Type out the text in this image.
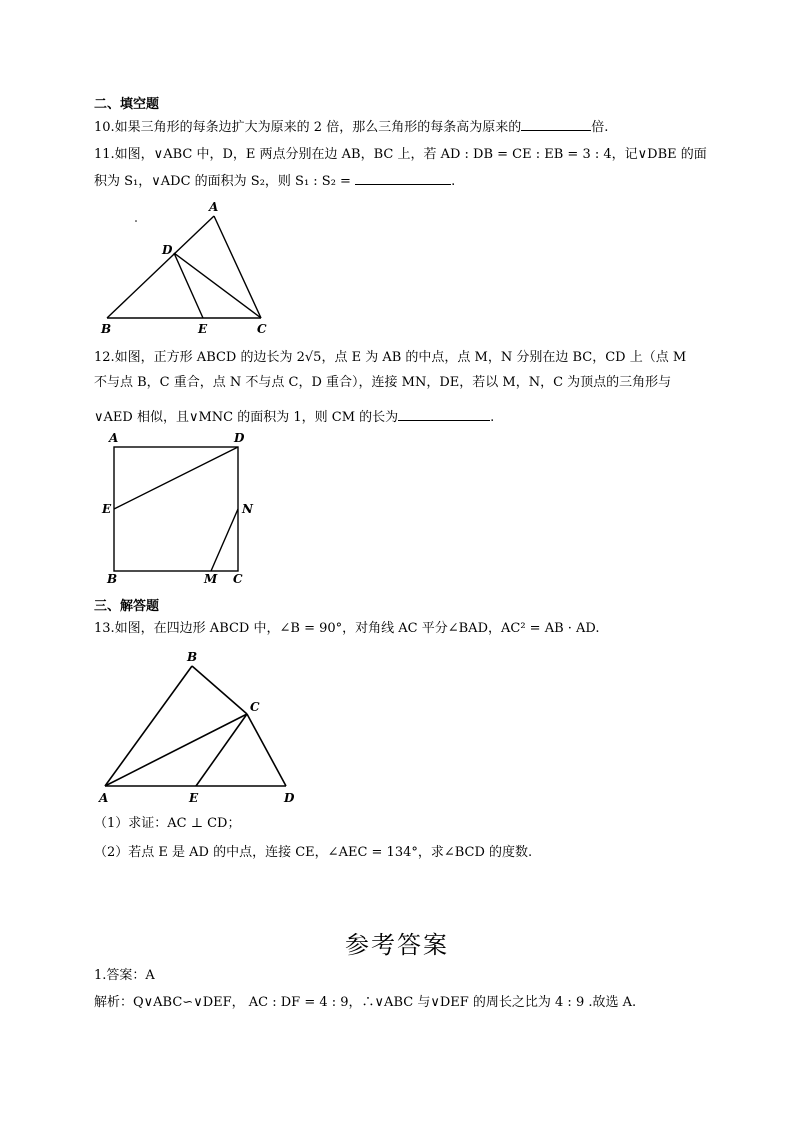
二、填空题
10.如果三角形的每条边扩大为原来的 2 倍，那么三角形的每条高为原来的	倍.
11.如图，∨ABC 中，D，E 两点分别在边 AB，BC 上，若 AD : DB = CE : EB = 3 : 4，记∨DBE 的面
积为 S₁，∨ADC 的面积为 S₂，则 S₁ : S₂ =	.
A
D
B	E	C
12.如图，正方形 ABCD 的边长为 2√5，点 E 为 AB 的中点，点 M，N 分别在边 BC，CD 上（点 M
不与点 B，C 重合，点 N 不与点 C，D 重合），连接 MN，DE，若以 M，N，C 为顶点的三角形与
∨AED 相似，且∨MNC 的面积为 1，则 CM 的长为	.
A	D
E	N
B	M C
三、解答题
13.如图，在四边形 ABCD 中，∠B = 90°，对角线 AC 平分∠BAD，AC² = AB · AD.
B
C
A	E	D
（1）求证：AC ⊥ CD；
（2）若点 E 是 AD 的中点，连接 CE，∠AEC = 134°，求∠BCD 的度数.
参考答案
1.答案：A
解析：Q∨ABC∽∨DEF， AC : DF = 4 : 9，∴∨ABC 与∨DEF 的周长之比为 4 : 9 .故选 A.
